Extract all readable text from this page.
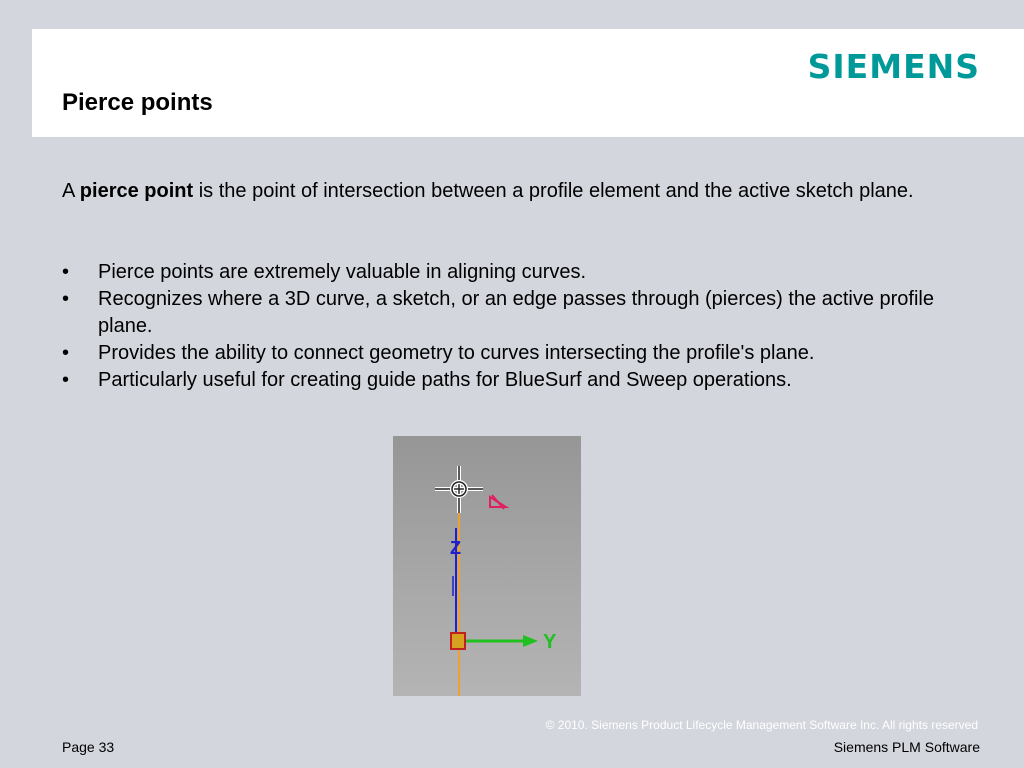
SIEMENS
Pierce points

A pierce point is the point of intersection between a profile element and the active sketch plane.

• Pierce points are extremely valuable in aligning curves.
• Recognizes where a 3D curve, a sketch, or an edge passes through (pierces) the active profile plane.
• Provides the ability to connect geometry to curves intersecting the profile's plane.
• Particularly useful for creating guide paths for BlueSurf and Sweep operations.
Z
Y
© 2010. Siemens Product Lifecycle Management Software Inc. All rights reserved
Page 33	Siemens PLM Software
